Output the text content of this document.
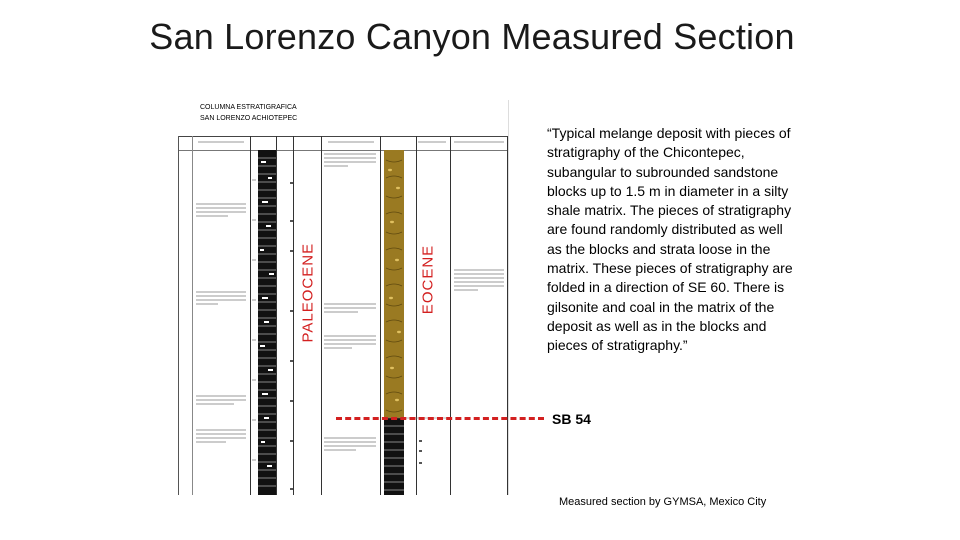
San Lorenzo Canyon Measured Section
COLUMNA ESTRATIGRAFICA
SAN LORENZO ACHIOTEPEC
PALEOCENE	EOCENE
SB 54
“Typical melange deposit with pieces of stratigraphy of the Chicontepec, subangular to subrounded sandstone blocks up to 1.5 m in diameter in a silty shale matrix. The pieces of stratigraphy are found randomly distributed as well as the blocks and strata loose in the matrix. These pieces of stratigraphy are folded in a direction of SE 60. There is gilsonite and coal in the matrix of the deposit as well as in the blocks and pieces of stratigraphy.”
Measured section by GYMSA, Mexico City
